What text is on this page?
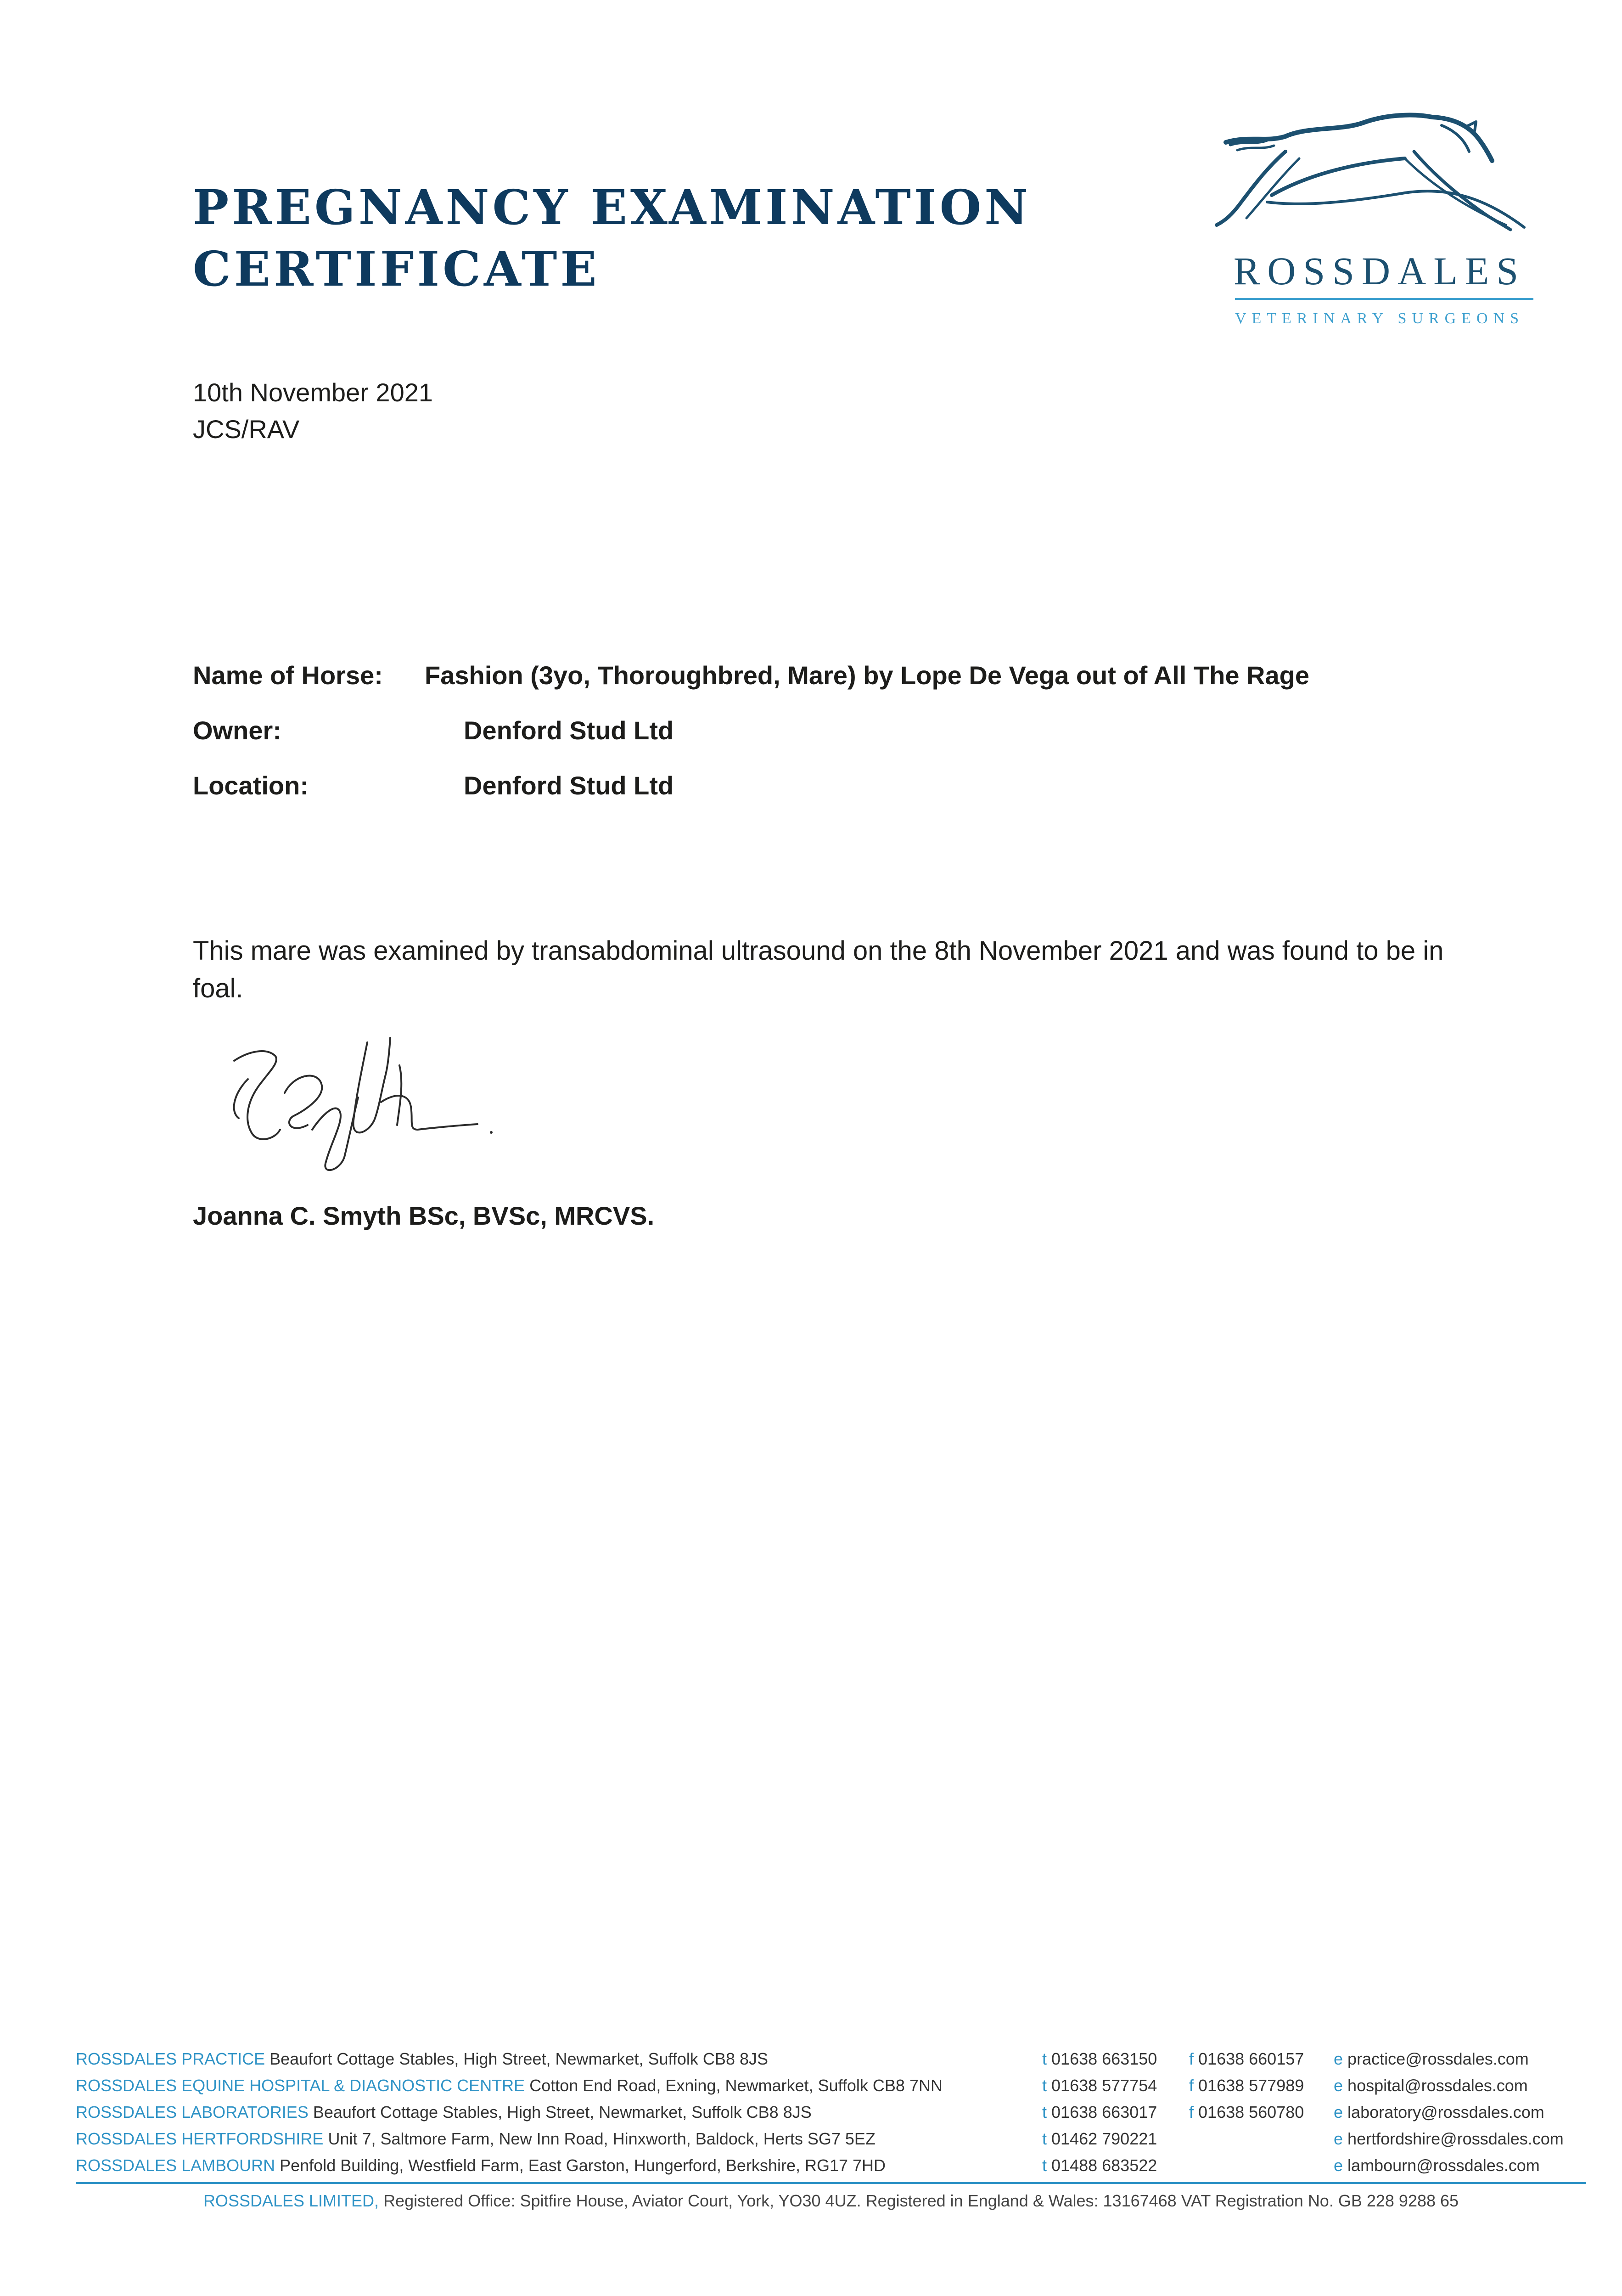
PREGNANCY EXAMINATION
CERTIFICATE	ROSSDALES
VETERINARY SURGEONS
10th November 2021
JCS/RAV
Name of Horse: Fashion (3yo, Thoroughbred, Mare) by Lope De Vega out of All The Rage
Owner:	Denford Stud Ltd
Location:	Denford Stud Ltd
This mare was examined by transabdominal ultrasound on the 8th November 2021 and was found to be in foal.
Joanna C. Smyth BSc, BVSc, MRCVS.
ROSSDALES PRACTICE Beaufort Cottage Stables, High Street, Newmarket, Suffolk CB8 8JS	t 01638 663150 f 01638 660157 e practice@rossdales.com
ROSSDALES EQUINE HOSPITAL & DIAGNOSTIC CENTRE Cotton End Road, Exning, Newmarket, Suffolk CB8 7NN	t 01638 577754 f 01638 577989 e hospital@rossdales.com
ROSSDALES LABORATORIES Beaufort Cottage Stables, High Street, Newmarket, Suffolk CB8 8JS	t 01638 663017 f 01638 560780 e laboratory@rossdales.com
ROSSDALES HERTFORDSHIRE Unit 7, Saltmore Farm, New Inn Road, Hinxworth, Baldock, Herts SG7 5EZ	t 01462 790221	e hertfordshire@rossdales.com
ROSSDALES LAMBOURN Penfold Building, Westfield Farm, East Garston, Hungerford, Berkshire, RG17 7HD	t 01488 683522	e lambourn@rossdales.com
ROSSDALES LIMITED, Registered Office: Spitfire House, Aviator Court, York, YO30 4UZ. Registered in England & Wales: 13167468 VAT Registration No. GB 228 9288 65
